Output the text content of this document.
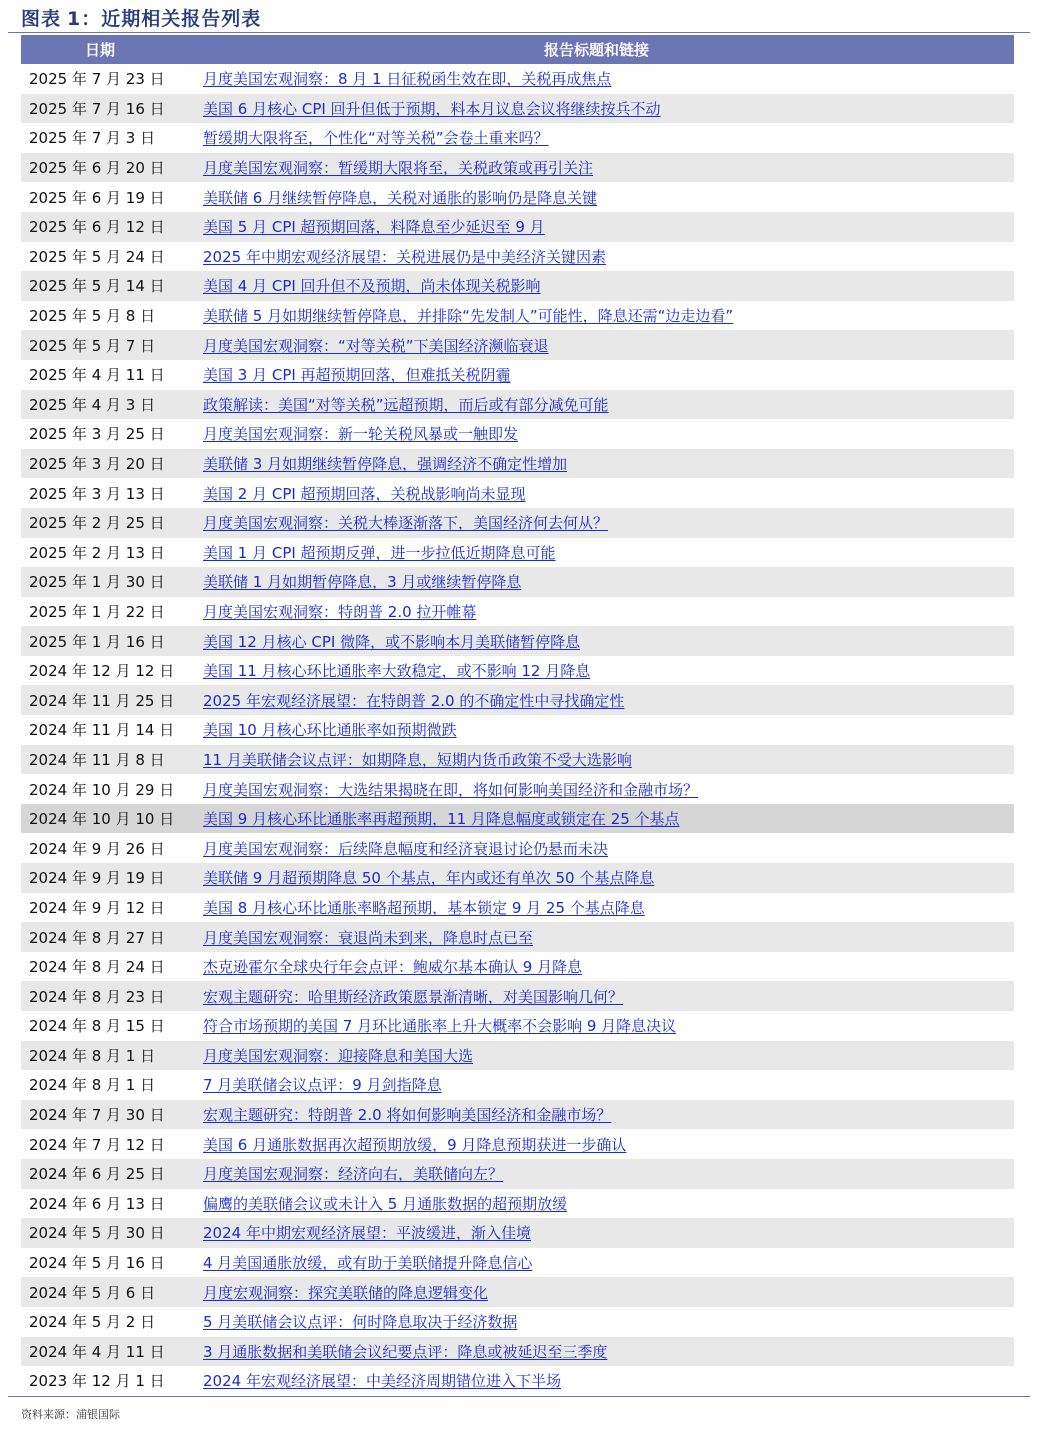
图表 1：近期相关报告列表
日期	报告标题和链接
2025 年 7 月 23 日	月度美国宏观洞察：8 月 1 日征税函生效在即，关税再成焦点
2025 年 7 月 16 日	美国 6 月核心 CPI 回升但低于预期，料本月议息会议将继续按兵不动
2025 年 7 月 3 日	暂缓期大限将至，个性化“对等关税”会卷土重来吗？
2025 年 6 月 20 日	月度美国宏观洞察：暂缓期大限将至，关税政策或再引关注
2025 年 6 月 19 日	美联储 6 月继续暂停降息，关税对通胀的影响仍是降息关键
2025 年 6 月 12 日	美国 5 月 CPI 超预期回落，料降息至少延迟至 9 月
2025 年 5 月 24 日	2025 年中期宏观经济展望：关税进展仍是中美经济关键因素
2025 年 5 月 14 日	美国 4 月 CPI 回升但不及预期，尚未体现关税影响
2025 年 5 月 8 日	美联储 5 月如期继续暂停降息，并排除“先发制人”可能性，降息还需“边走边看”
2025 年 5 月 7 日	月度美国宏观洞察：“对等关税”下美国经济濒临衰退
2025 年 4 月 11 日	美国 3 月 CPI 再超预期回落，但难抵关税阴霾
2025 年 4 月 3 日	政策解读：美国“对等关税”远超预期，而后或有部分减免可能
2025 年 3 月 25 日	月度美国宏观洞察：新一轮关税风暴或一触即发
2025 年 3 月 20 日	美联储 3 月如期继续暂停降息，强调经济不确定性增加
2025 年 3 月 13 日	美国 2 月 CPI 超预期回落，关税战影响尚未显现
2025 年 2 月 25 日	月度美国宏观洞察：关税大棒逐渐落下，美国经济何去何从？
2025 年 2 月 13 日	美国 1 月 CPI 超预期反弹，进一步拉低近期降息可能
2025 年 1 月 30 日	美联储 1 月如期暂停降息，3 月或继续暂停降息
2025 年 1 月 22 日	月度美国宏观洞察：特朗普 2.0 拉开帷幕
2025 年 1 月 16 日	美国 12 月核心 CPI 微降，或不影响本月美联储暂停降息
2024 年 12 月 12 日	美国 11 月核心环比通胀率大致稳定，或不影响 12 月降息
2024 年 11 月 25 日	2025 年宏观经济展望：在特朗普 2.0 的不确定性中寻找确定性
2024 年 11 月 14 日	美国 10 月核心环比通胀率如预期微跌
2024 年 11 月 8 日	11 月美联储会议点评：如期降息，短期内货币政策不受大选影响
2024 年 10 月 29 日	月度美国宏观洞察：大选结果揭晓在即，将如何影响美国经济和金融市场？
2024 年 10 月 10 日	美国 9 月核心环比通胀率再超预期，11 月降息幅度或锁定在 25 个基点
2024 年 9 月 26 日	月度美国宏观洞察：后续降息幅度和经济衰退讨论仍悬而未决
2024 年 9 月 19 日	美联储 9 月超预期降息 50 个基点，年内或还有单次 50 个基点降息
2024 年 9 月 12 日	美国 8 月核心环比通胀率略超预期，基本锁定 9 月 25 个基点降息
2024 年 8 月 27 日	月度美国宏观洞察：衰退尚未到来，降息时点已至
2024 年 8 月 24 日	杰克逊霍尔全球央行年会点评：鲍威尔基本确认 9 月降息
2024 年 8 月 23 日	宏观主题研究：哈里斯经济政策愿景渐清晰，对美国影响几何？
2024 年 8 月 15 日	符合市场预期的美国 7 月环比通胀率上升大概率不会影响 9 月降息决议
2024 年 8 月 1 日	月度美国宏观洞察：迎接降息和美国大选
2024 年 8 月 1 日	7 月美联储会议点评：9 月剑指降息
2024 年 7 月 30 日	宏观主题研究：特朗普 2.0 将如何影响美国经济和金融市场？
2024 年 7 月 12 日	美国 6 月通胀数据再次超预期放缓，9 月降息预期获进一步确认
2024 年 6 月 25 日	月度美国宏观洞察：经济向右，美联储向左？
2024 年 6 月 13 日	偏鹰的美联储会议或未计入 5 月通胀数据的超预期放缓
2024 年 5 月 30 日	2024 年中期宏观经济展望：平波缓进，渐入佳境
2024 年 5 月 16 日	4 月美国通胀放缓，或有助于美联储提升降息信心
2024 年 5 月 6 日	月度宏观洞察：探究美联储的降息逻辑变化
2024 年 5 月 2 日	5 月美联储会议点评：何时降息取决于经济数据
2024 年 4 月 11 日	3 月通胀数据和美联储会议纪要点评：降息或被延迟至三季度
2023 年 12 月 1 日	2024 年宏观经济展望：中美经济周期错位进入下半场
资料来源：浦银国际
